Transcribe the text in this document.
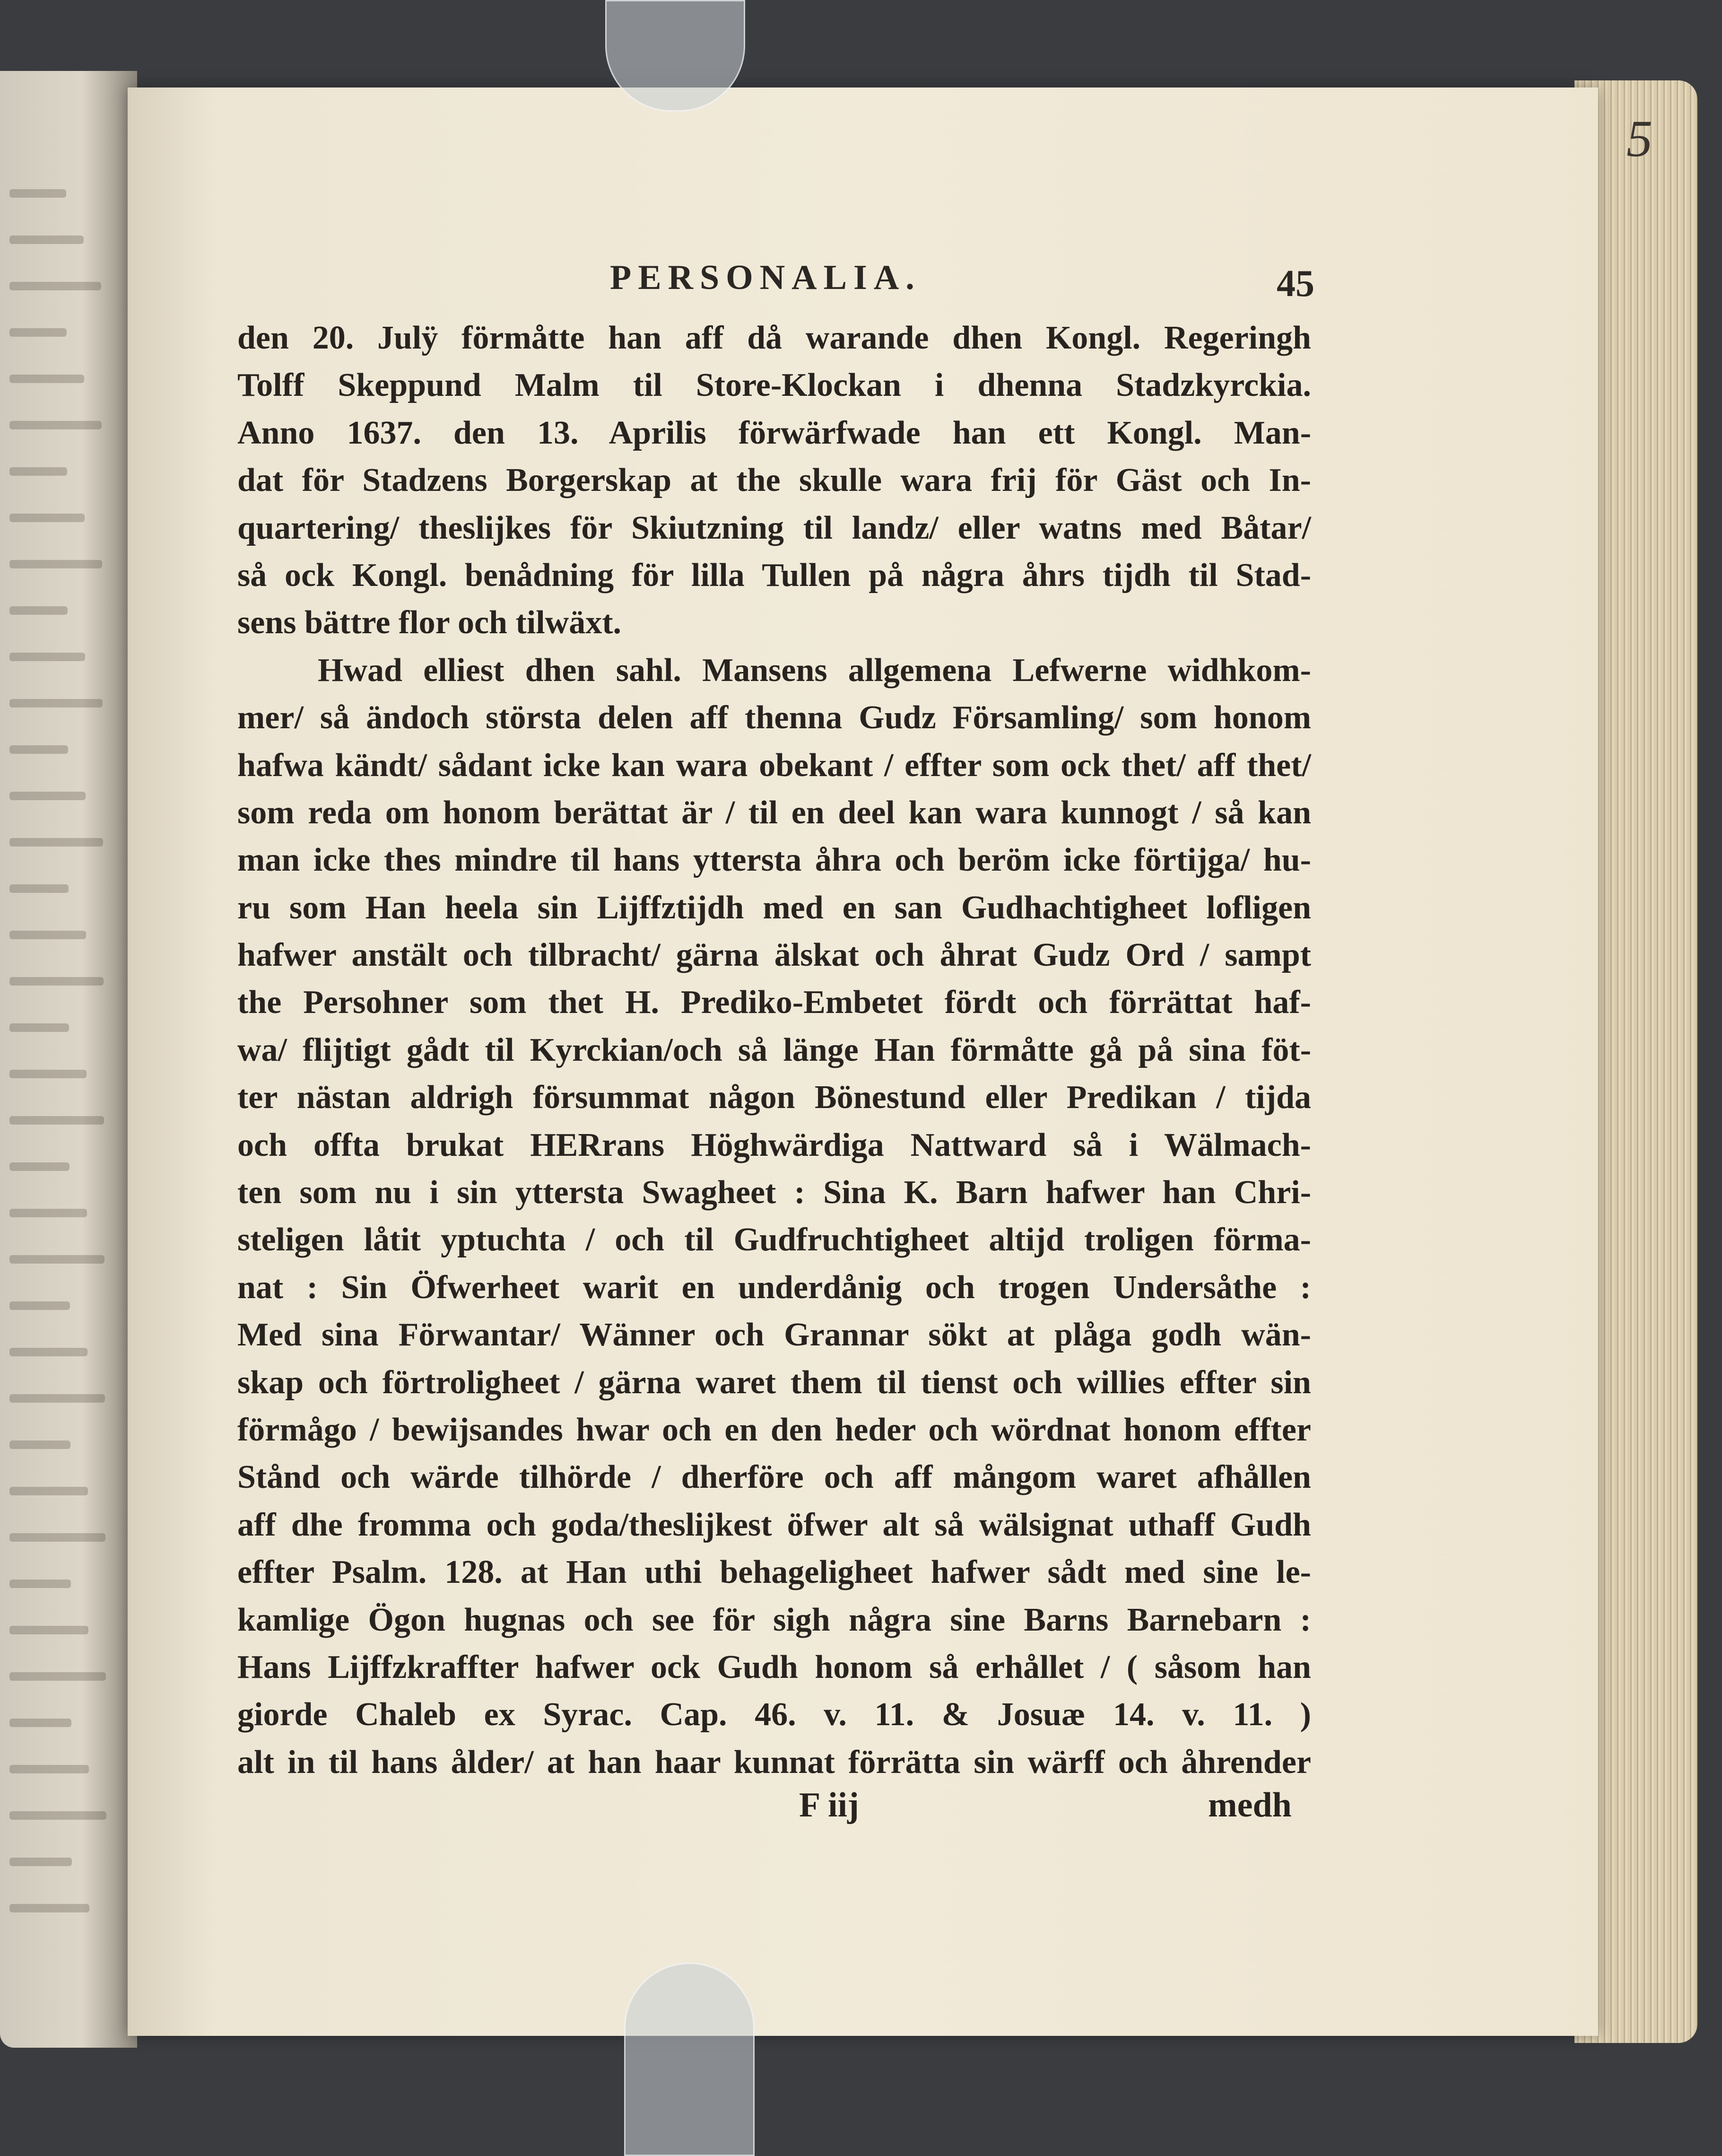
5
PERSONALIA.	45
den 20. Julÿ förmåtte han aff då warande dhen Kongl. Regeringh
Tolff Skeppund Malm til Store-Klockan i dhenna Stadzkyrckia.
Anno 1637. den 13. Aprilis förwärfwade han ett Kongl. Man-
dat för Stadzens Borgerskap at the skulle wara frij för Gäst och In-
quartering/ theslijkes för Skiutzning til landz/ eller watns med Båtar/
så ock Kongl. benådning för lilla Tullen på några åhrs tijdh til Stad-
sens bättre flor och tilwäxt.
Hwad elliest dhen sahl. Mansens allgemena Lefwerne widhkom-
mer/ så ändoch största delen aff thenna Gudz Församling/ som honom
hafwa kändt/ sådant icke kan wara obekant / effter som ock thet/ aff thet/
som reda om honom berättat är / til en deel kan wara kunnogt / så kan
man icke thes mindre til hans yttersta åhra och beröm icke förtijga/ hu-
ru som Han heela sin Lijffztijdh med en san Gudhachtigheet lofligen
hafwer anstält och tilbracht/ gärna älskat och åhrat Gudz Ord / sampt
the Persohner som thet H. Prediko-Embetet fördt och förrättat haf-
wa/ flijtigt gådt til Kyrckian/och så länge Han förmåtte gå på sina föt-
ter nästan aldrigh försummat någon Bönestund eller Predikan / tijda
och offta brukat HERrans Höghwärdiga Nattward så i Wälmach-
ten som nu i sin yttersta Swagheet : Sina K. Barn hafwer han Chri-
steligen låtit yptuchta / och til Gudfruchtigheet altijd troligen förma-
nat : Sin Öfwerheet warit en underdånig och trogen Undersåthe :
Med sina Förwantar/ Wänner och Grannar sökt at plåga godh wän-
skap och förtroligheet / gärna waret them til tienst och willies effter sin
förmågo / bewijsandes hwar och en den heder och wördnat honom effter
Stånd och wärde tilhörde / dherföre och aff mångom waret afhållen
aff dhe fromma och goda/theslijkest öfwer alt så wälsignat uthaff Gudh
effter Psalm. 128. at Han uthi behageligheet hafwer sådt med sine le-
kamlige Ögon hugnas och see för sigh några sine Barns Barnebarn :
Hans Lijffzkraffter hafwer ock Gudh honom så erhållet / ( såsom han
giorde Chaleb ex Syrac. Cap. 46. v. 11. & Josuæ 14. v. 11. )
alt in til hans ålder/ at han haar kunnat förrätta sin wärff och åhrender
F iij	medh
